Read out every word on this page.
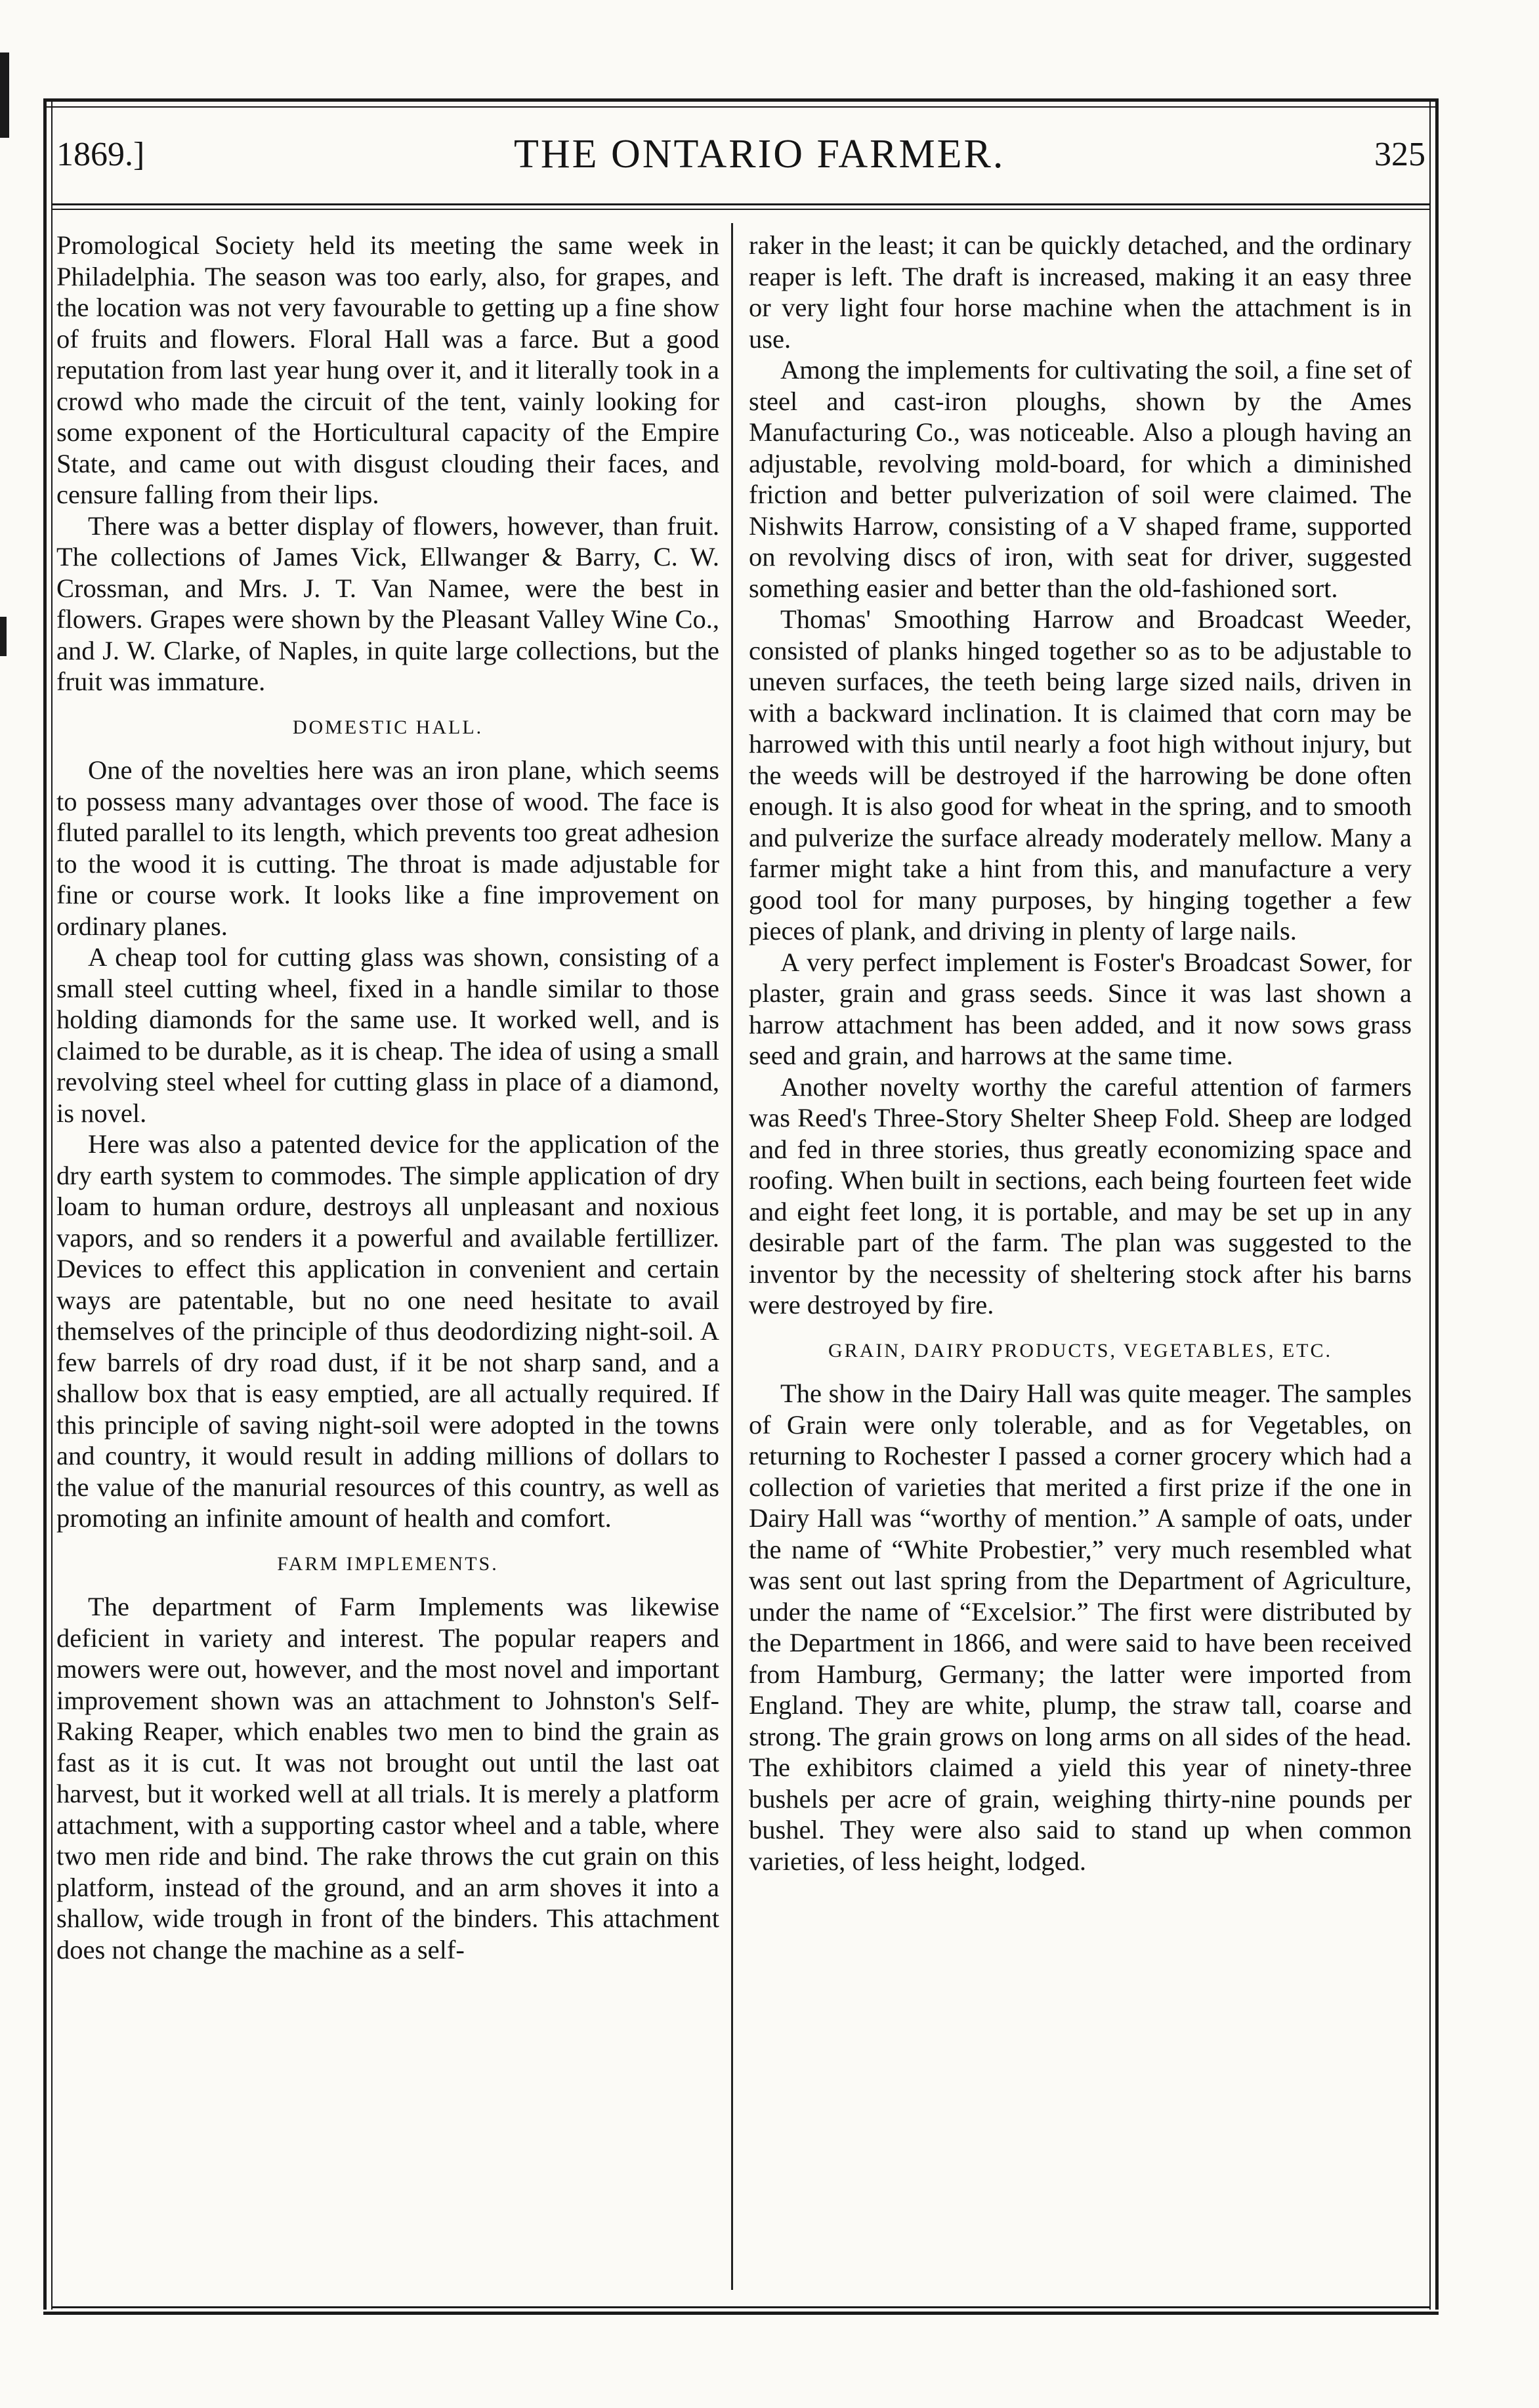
1869.]	THE ONTARIO FARMER.	325

Promological Society held its meeting the same week in Philadelphia. The season was too early, also, for grapes, and the location was not very favourable to getting up a fine show of fruits and flowers. Floral Hall was a farce. But a good reputation from last year hung over it, and it literally took in a crowd who made the circuit of the tent, vainly looking for some exponent of the Horticultural capacity of the Empire State, and came out with disgust clouding their faces, and censure falling from their lips.

There was a better display of flowers, however, than fruit. The collections of James Vick, Ellwanger & Barry, C. W. Crossman, and Mrs. J. T. Van Namee, were the best in flowers. Grapes were shown by the Pleasant Valley Wine Co., and J. W. Clarke, of Naples, in quite large collections, but the fruit was immature.

DOMESTIC HALL.

One of the novelties here was an iron plane, which seems to possess many advantages over those of wood. The face is fluted parallel to its length, which prevents too great adhesion to the wood it is cutting. The throat is made adjustable for fine or course work. It looks like a fine improvement on ordinary planes.

A cheap tool for cutting glass was shown, consisting of a small steel cutting wheel, fixed in a handle similar to those holding diamonds for the same use. It worked well, and is claimed to be durable, as it is cheap. The idea of using a small revolving steel wheel for cutting glass in place of a diamond, is novel.

Here was also a patented device for the application of the dry earth system to commodes. The simple application of dry loam to human ordure, destroys all unpleasant and noxious vapors, and so renders it a powerful and available fertillizer. Devices to effect this application in convenient and certain ways are patentable, but no one need hesitate to avail themselves of the principle of thus deodordizing night-soil. A few barrels of dry road dust, if it be not sharp sand, and a shallow box that is easy emptied, are all actually required. If this principle of saving night-soil were adopted in the towns and country, it would result in adding millions of dollars to the value of the manurial resources of this country, as well as promoting an infinite amount of health and comfort.

FARM IMPLEMENTS.

The department of Farm Implements was likewise deficient in variety and interest. The popular reapers and mowers were out, however, and the most novel and important improvement shown was an attachment to Johnston's Self-Raking Reaper, which enables two men to bind the grain as fast as it is cut. It was not brought out until the last oat harvest, but it worked well at all trials. It is merely a platform attachment, with a supporting castor wheel and a table, where two men ride and bind. The rake throws the cut grain on this platform, instead of the ground, and an arm shoves it into a shallow, wide trough in front of the binders. This attachment does not change the machine as a self-

raker in the least; it can be quickly detached, and the ordinary reaper is left. The draft is increased, making it an easy three or very light four horse machine when the attachment is in use.

Among the implements for cultivating the soil, a fine set of steel and cast-iron ploughs, shown by the Ames Manufacturing Co., was noticeable. Also a plough having an adjustable, revolving mold-board, for which a diminished friction and better pulverization of soil were claimed. The Nishwits Harrow, consisting of a V shaped frame, supported on revolving discs of iron, with seat for driver, suggested something easier and better than the old-fashioned sort.

Thomas' Smoothing Harrow and Broadcast Weeder, consisted of planks hinged together so as to be adjustable to uneven surfaces, the teeth being large sized nails, driven in with a backward inclination. It is claimed that corn may be harrowed with this until nearly a foot high without injury, but the weeds will be destroyed if the harrowing be done often enough. It is also good for wheat in the spring, and to smooth and pulverize the surface already moderately mellow. Many a farmer might take a hint from this, and manufacture a very good tool for many purposes, by hinging together a few pieces of plank, and driving in plenty of large nails.

A very perfect implement is Foster's Broadcast Sower, for plaster, grain and grass seeds. Since it was last shown a harrow attachment has been added, and it now sows grass seed and grain, and harrows at the same time.

Another novelty worthy the careful attention of farmers was Reed's Three-Story Shelter Sheep Fold. Sheep are lodged and fed in three stories, thus greatly economizing space and roofing. When built in sections, each being fourteen feet wide and eight feet long, it is portable, and may be set up in any desirable part of the farm. The plan was suggested to the inventor by the necessity of sheltering stock after his barns were destroyed by fire.

GRAIN, DAIRY PRODUCTS, VEGETABLES, ETC.

The show in the Dairy Hall was quite meager. The samples of Grain were only tolerable, and as for Vegetables, on returning to Rochester I passed a corner grocery which had a collection of varieties that merited a first prize if the one in Dairy Hall was “worthy of mention.” A sample of oats, under the name of “White Probestier,” very much resembled what was sent out last spring from the Department of Agriculture, under the name of “Excelsior.” The first were distributed by the Department in 1866, and were said to have been received from Hamburg, Germany; the latter were imported from England. They are white, plump, the straw tall, coarse and strong. The grain grows on long arms on all sides of the head. The exhibitors claimed a yield this year of ninety-three bushels per acre of grain, weighing thirty-nine pounds per bushel. They were also said to stand up when common varieties, of less height, lodged.
